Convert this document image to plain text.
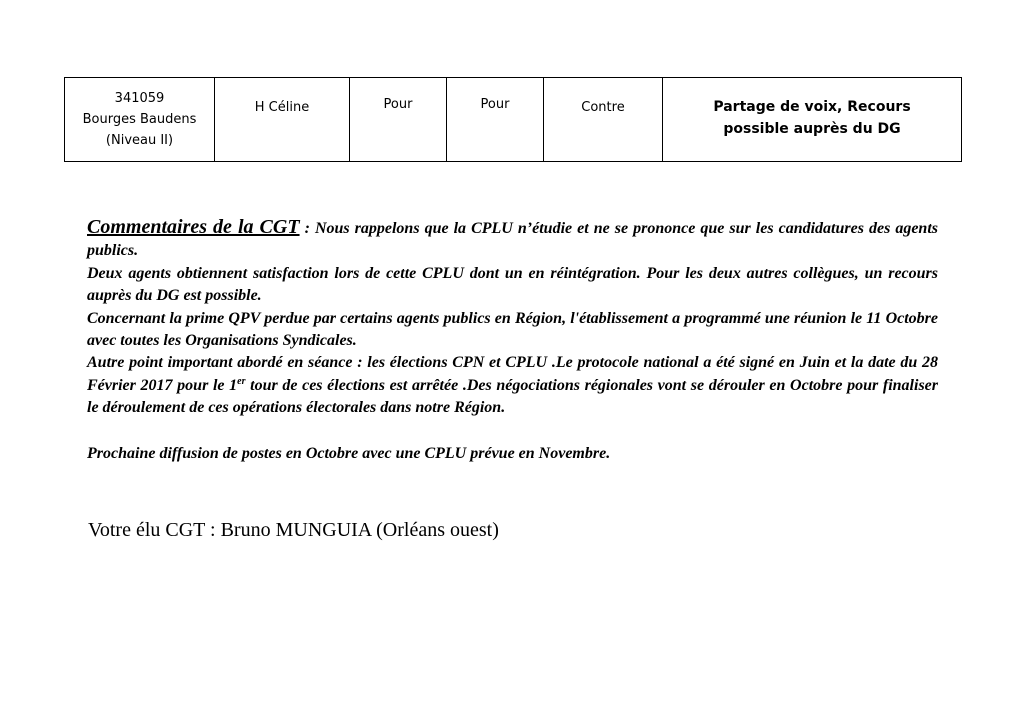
341059
Bourges Baudens
(Niveau II)
	H Céline	Pour	Pour	Contre	Partage de voix, Recours
possible auprès du DG

Commentaires de la CGT : Nous rappelons que la CPLU n’étudie et ne se prononce que sur les candidatures des agents publics.

Deux agents obtiennent satisfaction lors de cette CPLU dont un en réintégration. Pour les deux autres collègues, un recours auprès du DG est possible.

Concernant la prime QPV perdue par certains agents publics en Région, l'établissement a programmé une réunion le 11 Octobre avec toutes les Organisations Syndicales.

Autre point important abordé en séance : les élections CPN et CPLU .Le protocole national a été signé en Juin et la date du 28 Février 2017 pour le 1er tour de ces élections est arrêtée .Des négociations régionales vont se dérouler en Octobre pour finaliser le déroulement de ces opérations électorales dans notre Région.

Prochaine diffusion de postes en Octobre avec une CPLU prévue en Novembre.

Votre élu CGT : Bruno MUNGUIA (Orléans ouest)
